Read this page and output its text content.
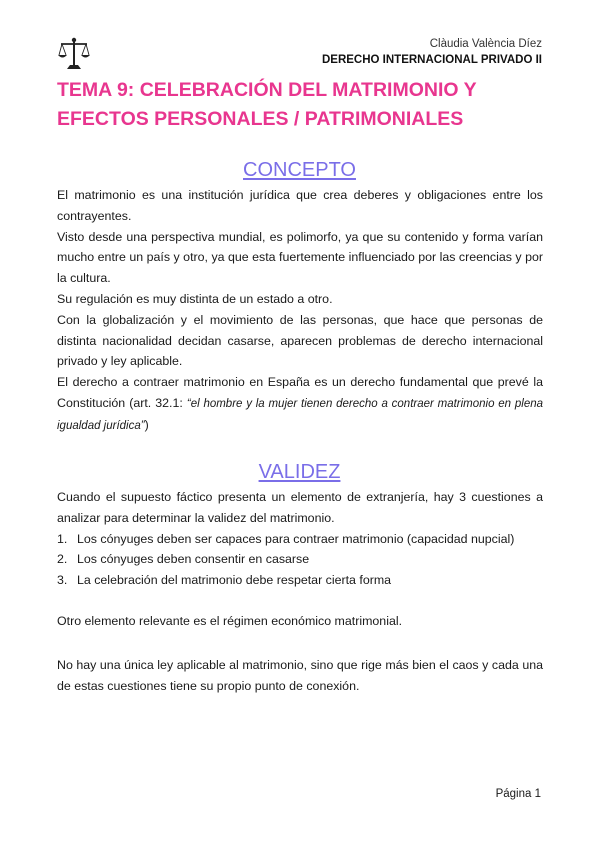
Clàudia València Díez
DERECHO INTERNACIONAL PRIVADO II
TEMA 9: CELEBRACIÓN DEL MATRIMONIO Y EFECTOS PERSONALES / PATRIMONIALES
CONCEPTO

El matrimonio es una institución jurídica que crea deberes y obligaciones entre los contrayentes.

Visto desde una perspectiva mundial, es polimorfo, ya que su contenido y forma varían mucho entre un país y otro, ya que esta fuertemente influenciado por las creencias y por la cultura.

Su regulación es muy distinta de un estado a otro.

Con la globalización y el movimiento de las personas, que hace que personas de distinta nacionalidad decidan casarse, aparecen problemas de derecho internacional privado y ley aplicable.

El derecho a contraer matrimonio en España es un derecho fundamental que prevé la Constitución (art. 32.1: “el hombre y la mujer tienen derecho a contraer matrimonio en plena igualdad jurídica”)

VALIDEZ

Cuando el supuesto fáctico presenta un elemento de extranjería, hay 3 cuestiones a analizar para determinar la validez del matrimonio.

1. Los cónyuges deben ser capaces para contraer matrimonio (capacidad nupcial)
2. Los cónyuges deben consentir en casarse
3. La celebración del matrimonio debe respetar cierta forma
Otro elemento relevante es el régimen económico matrimonial.
No hay una única ley aplicable al matrimonio, sino que rige más bien el caos y cada una de estas cuestiones tiene su propio punto de conexión.
Página 1
